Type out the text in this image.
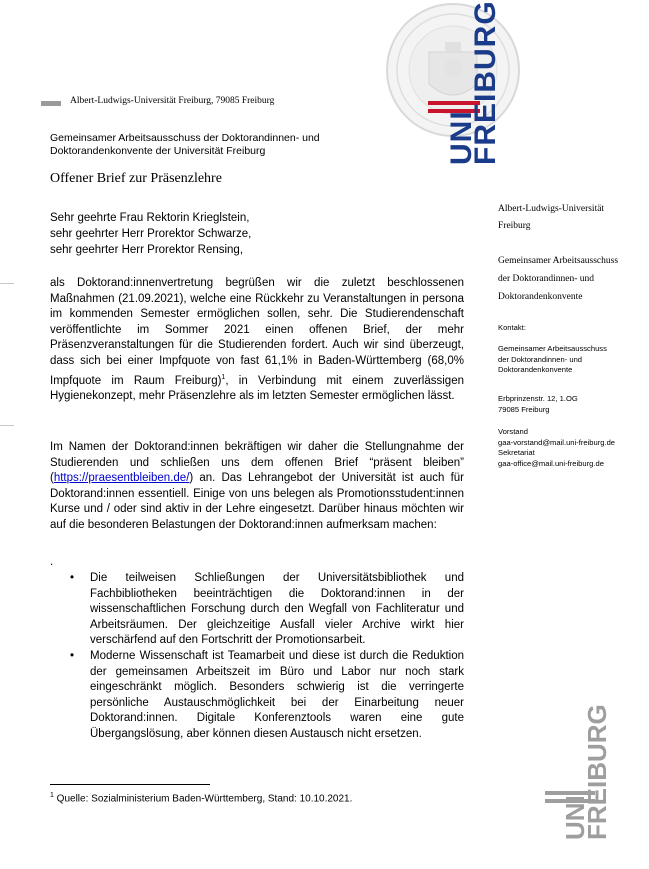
UNI
FREIBURG
Albert-Ludwigs-Universität Freiburg, 79085 Freiburg
Gemeinsamer Arbeitsausschuss der Doktorandinnen- und
Doktorandenkonvente der Universität Freiburg
Offener Brief zur Präsenzlehre
Sehr geehrte Frau Rektorin Krieglstein,
sehr geehrter Herr Prorektor Schwarze,
sehr geehrter Herr Prorektor Rensing,
als Doktorand:innenvertretung begrüßen wir die zuletzt beschlossenen Maßnahmen (21.09.2021), welche eine Rückkehr zu Veranstaltungen in persona im kommenden Semester ermöglichen sollen, sehr. Die Studierendenschaft veröffentlichte im Sommer 2021 einen offenen Brief, der mehr Präsenzveranstaltungen für die Studierenden fordert. Auch wir sind überzeugt, dass sich bei einer Impfquote von fast 61,1% in Baden-Württemberg (68,0% Impfquote im Raum Freiburg)$^1$, in Verbindung mit einem zuverlässigen Hygienekonzept, mehr Präsenzlehre als im letzten Semester ermöglichen lässt.
Im Namen der Doktorand:innen bekräftigen wir daher die Stellungnahme der Studierenden und schließen uns dem offenen Brief “präsent bleiben” (https://praesentbleiben.de/) an. Das Lehrangebot der Universität ist auch für Doktorand:innen essentiell. Einige von uns belegen als Promotionsstudent:innen Kurse und / oder sind aktiv in der Lehre eingesetzt. Darüber hinaus möchten wir auf die besonderen Belastungen der Doktorand:innen aufmerksam machen:
.
• Die teilweisen Schließungen der Universitätsbibliothek und Fachbibliotheken beeinträchtigen die Doktorand:innen in der wissenschaftlichen Forschung durch den Wegfall von Fachliteratur und Arbeitsräumen. Der gleichzeitige Ausfall vieler Archive wirkt hier verschärfend auf den Fortschritt der Promotionsarbeit.
• Moderne Wissenschaft ist Teamarbeit und diese ist durch die Reduktion der gemeinsamen Arbeitszeit im Büro und Labor nur noch stark eingeschränkt möglich. Besonders schwierig ist die verringerte persönliche Austauschmöglichkeit bei der Einarbeitung neuer Doktorand:innen. Digitale Konferenztools waren eine gute Übergangslösung, aber können diesen Austausch nicht ersetzen.
$^1$ Quelle: Sozialministerium Baden-Württemberg, Stand: 10.10.2021.
Albert-Ludwigs-Universität
Freiburg
Gemeinsamer Arbeitsausschuss
der Doktorandinnen- und
Doktorandenkonvente
Kontakt:
Gemeinsamer Arbeitsausschuss
der Doktorandinnen- und
Doktorandenkonvente
Erbprinzenstr. 12, 1.OG
79085 Freiburg
Vorstand
gaa-vorstand@mail.uni-freiburg.de
Sekretariat
gaa-office@mail.uni-freiburg.de
UNI
FREIBURG
